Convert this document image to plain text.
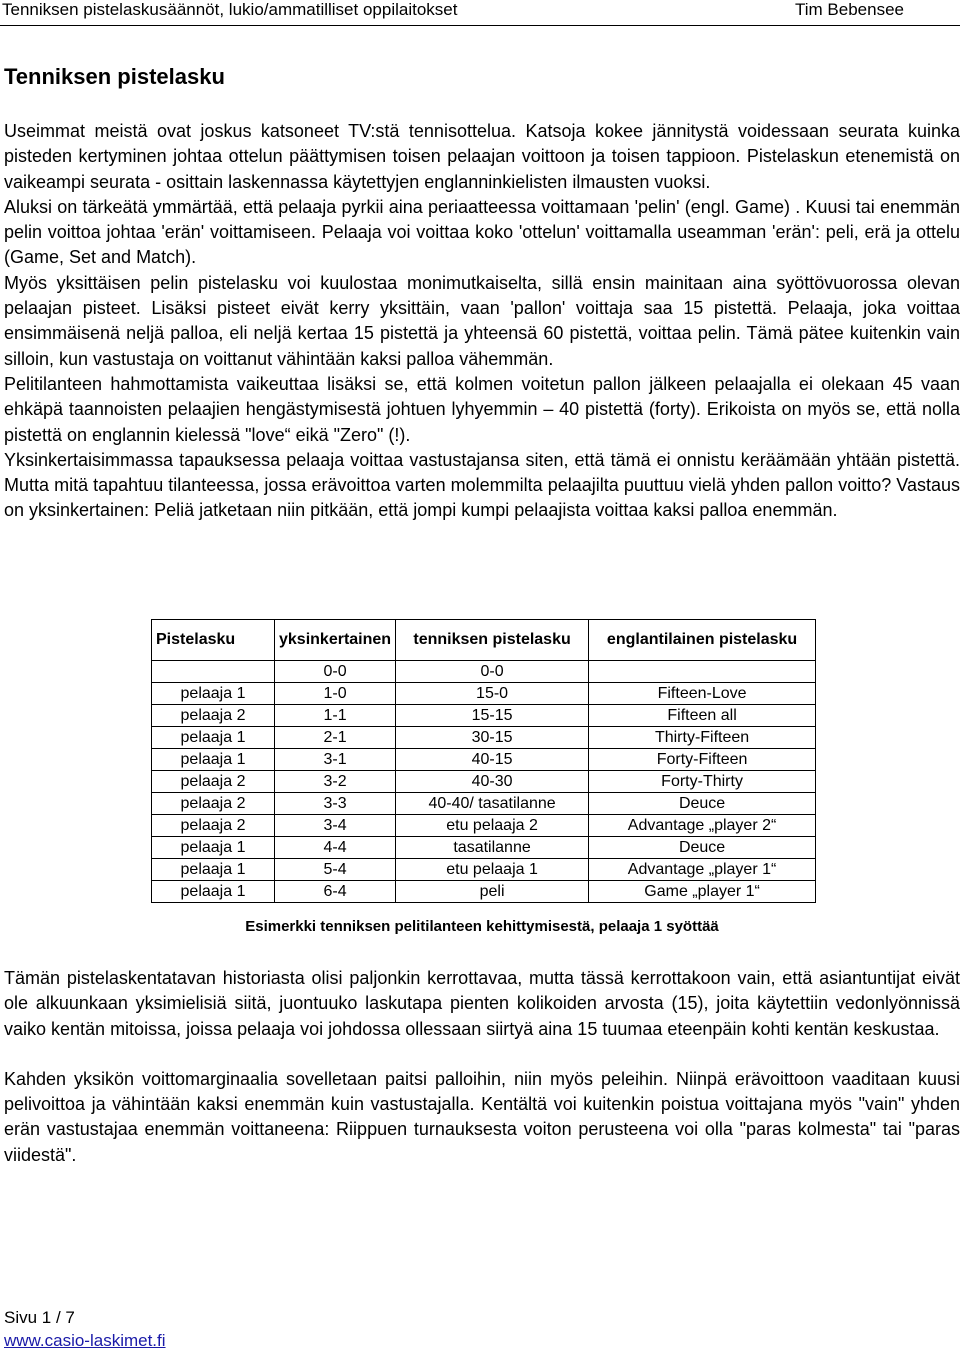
Tenniksen pistelaskusäännöt, lukio/ammatilliset oppilaitokset	Tim Bebensee
Tenniksen pistelasku

Useimmat meistä ovat joskus katsoneet TV:stä tennisottelua. Katsoja kokee jännitystä voidessaan seurata kuinka pisteden kertyminen johtaa ottelun päättymisen toisen pelaajan voittoon ja toisen tappioon. Pistelaskun etenemistä on vaikeampi seurata - osittain laskennassa käytettyjen englanninkielisten ilmausten vuoksi.

Aluksi on tärkeätä ymmärtää, että pelaaja pyrkii aina periaatteessa voittamaan 'pelin' (engl. Game) . Kuusi tai enemmän pelin voittoa johtaa 'erän' voittamiseen. Pelaaja voi voittaa koko 'ottelun' voittamalla useamman 'erän': peli, erä ja ottelu (Game, Set and Match).

Myös yksittäisen pelin pistelasku voi kuulostaa monimutkaiselta, sillä ensin mainitaan aina syöttövuorossa olevan pelaajan pisteet. Lisäksi pisteet eivät kerry yksittäin, vaan 'pallon' voittaja saa 15 pistettä. Pelaaja, joka voittaa ensimmäisenä neljä palloa, eli neljä kertaa 15 pistettä ja yhteensä 60 pistettä, voittaa pelin. Tämä pätee kuitenkin vain silloin, kun vastustaja on voittanut vähintään kaksi palloa vähemmän.

Pelitilanteen hahmottamista vaikeuttaa lisäksi se, että kolmen voitetun pallon jälkeen pelaajalla ei olekaan 45 vaan ehkäpä taannoisten pelaajien hengästymisestä johtuen lyhyemmin – 40 pistettä (forty). Erikoista on myös se, että nolla pistettä on englannin kielessä "love“ eikä "Zero" (!).

Yksinkertaisimmassa tapauksessa pelaaja voittaa vastustajansa siten, että tämä ei onnistu keräämään yhtään pistettä. Mutta mitä tapahtuu tilanteessa, jossa erävoittoa varten molemmilta pelaajilta puuttuu vielä yhden pallon voitto? Vastaus on yksinkertainen: Peliä jatketaan niin pitkään, että jompi kumpi pelaajista voittaa kaksi palloa enemmän.

Pistelasku	yksinkertainen	tenniksen pistelasku	englantilainen pistelasku
	0-0	0-0	
pelaaja 1	1-0	15-0	Fifteen-Love
pelaaja 2	1-1	15-15	Fifteen all
pelaaja 1	2-1	30-15	Thirty-Fifteen
pelaaja 1	3-1	40-15	Forty-Fifteen
pelaaja 2	3-2	40-30	Forty-Thirty
pelaaja 2	3-3	40-40/ tasatilanne	Deuce
pelaaja 2	3-4	etu pelaaja 2	Advantage „player 2“
pelaaja 1	4-4	tasatilanne	Deuce
pelaaja 1	5-4	etu pelaaja 1	Advantage „player 1“
pelaaja 1	6-4	peli	Game „player 1“
Esimerkki tenniksen pelitilanteen kehittymisestä, pelaaja 1 syöttää

Tämän pistelaskentatavan historiasta olisi paljonkin kerrottavaa, mutta tässä kerrottakoon vain, että asiantuntijat eivät ole alkuunkaan yksimielisiä siitä, juontuuko laskutapa pienten kolikoiden arvosta (15), joita käytettiin vedonlyönnissä vaiko kentän mitoissa, joissa pelaaja voi johdossa ollessaan siirtyä aina 15 tuumaa eteenpäin kohti kentän keskustaa.

Kahden yksikön voittomarginaalia sovelletaan paitsi palloihin, niin myös peleihin. Niinpä erävoittoon vaaditaan kuusi pelivoittoa ja vähintään kaksi enemmän kuin vastustajalla. Kentältä voi kuitenkin poistua voittajana myös "vain" yhden erän vastustajaa enemmän voittaneena: Riippuen turnauksesta voiton perusteena voi olla "paras kolmesta" tai "paras viidestä".

Sivu 1 / 7
www.casio-laskimet.fi
